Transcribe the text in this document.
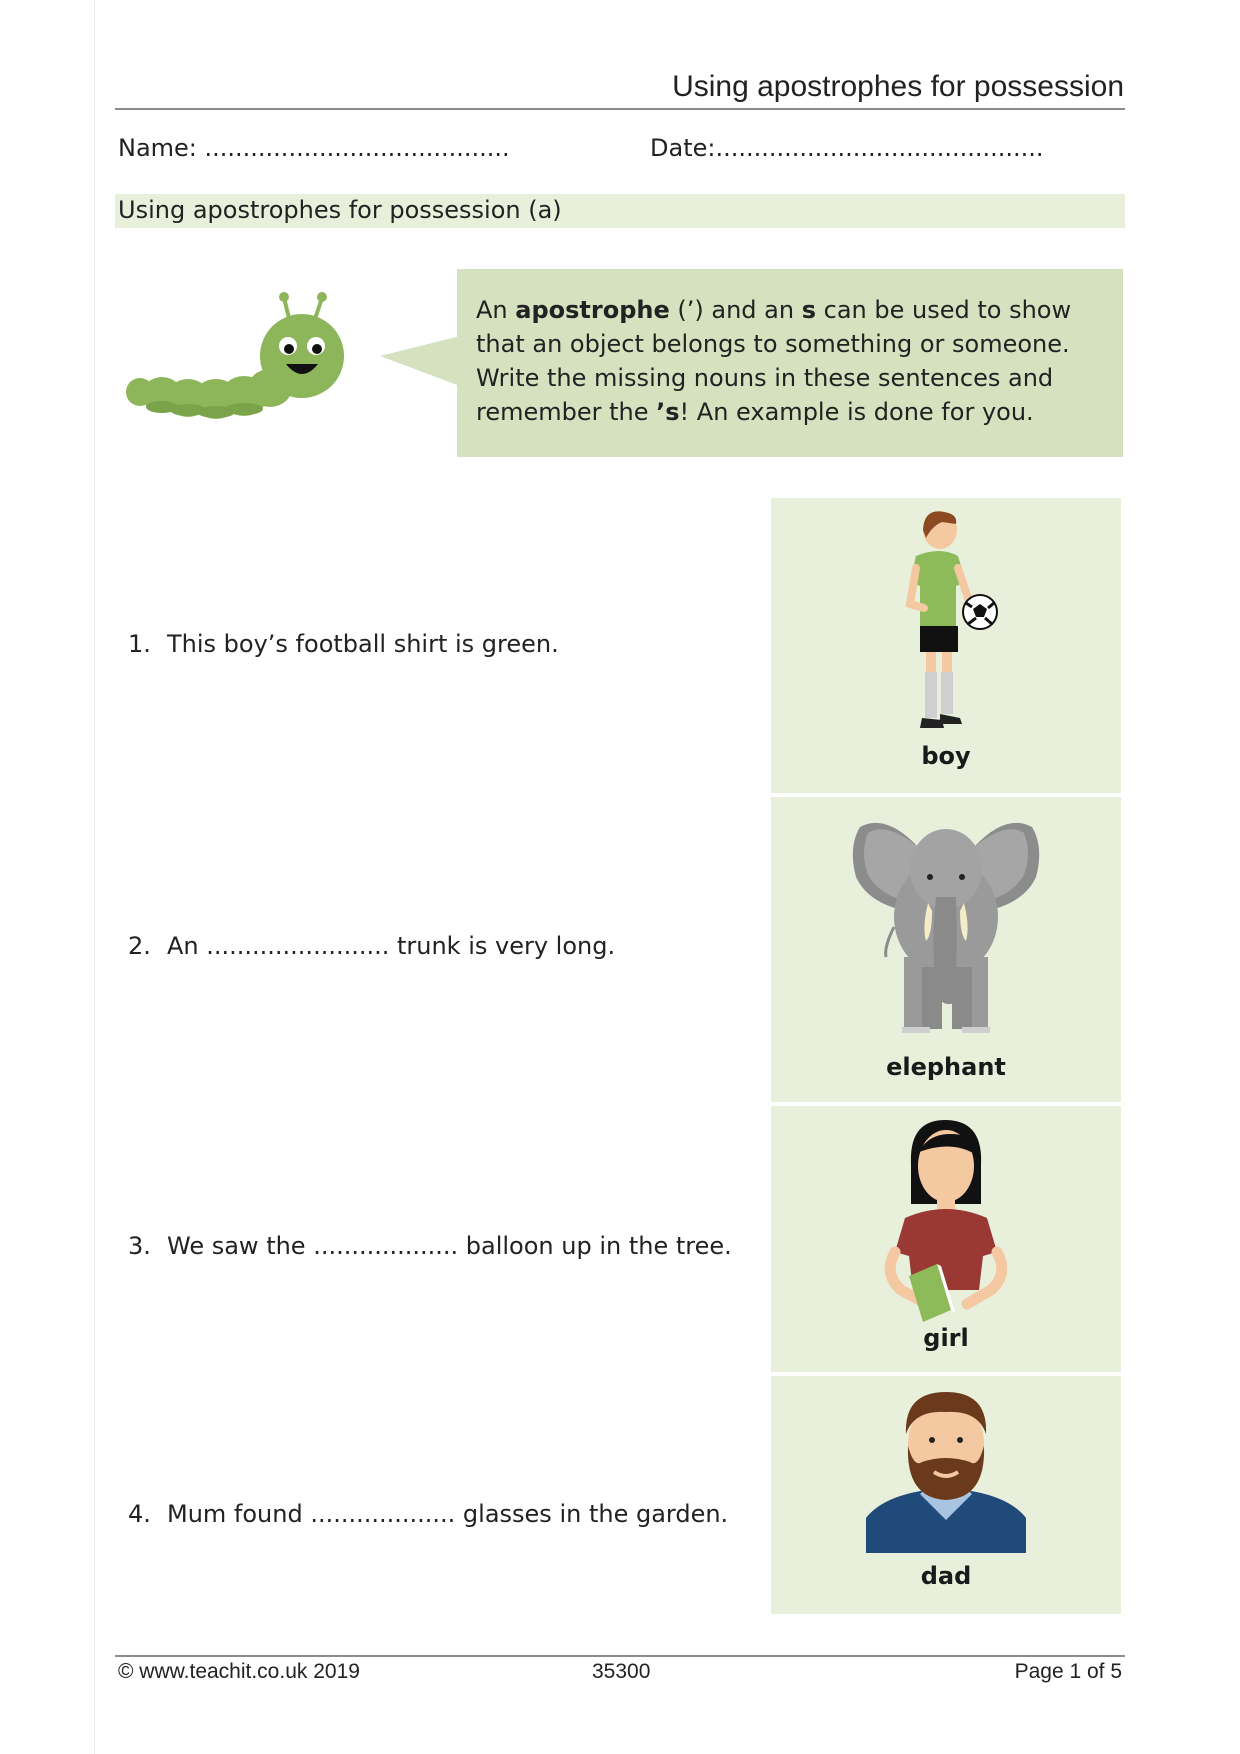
Using apostrophes for possession
Name: ........................................	Date:...........................................
Using apostrophes for possession (a)
An apostrophe (’) and an s can be used to show that an object belongs to something or someone. Write the missing nouns in these sentences and remember the ’s! An example is done for you.
1. This boy’s football shirt is green.
2. An ........................ trunk is very long.
3. We saw the ................... balloon up in the tree.
4. Mum found ................... glasses in the garden.
boy
elephant
girl
dad
© www.teachit.co.uk 2019	35300	Page 1 of 5
